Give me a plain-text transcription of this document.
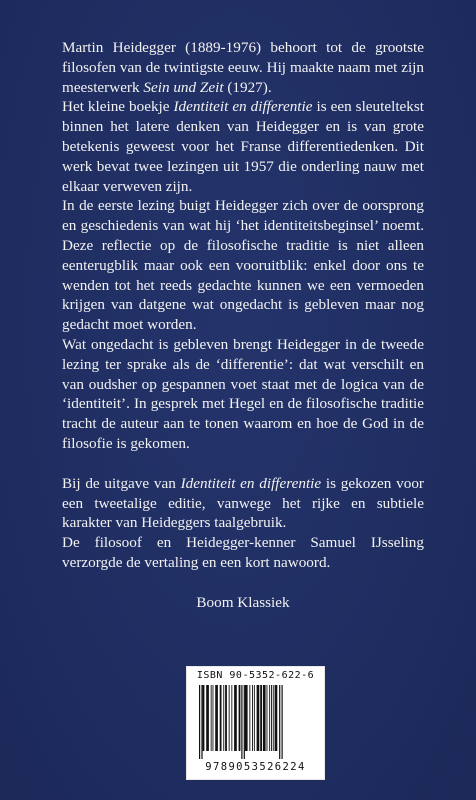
Martin Heidegger (1889-1976) behoort tot de grootste filosofen van de twintigste eeuw. Hij maakte naam met zijn meesterwerk Sein und Zeit (1927).

Het kleine boekje Identiteit en differentie is een sleuteltekst binnen het latere denken van Heidegger en is van grote betekenis geweest voor het Franse differentiedenken. Dit werk bevat twee lezingen uit 1957 die onderling nauw met elkaar verweven zijn.

In de eerste lezing buigt Heidegger zich over de oorsprong en geschiedenis van wat hij ‘het identiteitsbeginsel’ noemt. Deze reflectie op de filosofische traditie is niet alleen eenterugblik maar ook een vooruitblik: enkel door ons te wenden tot het reeds gedachte kunnen we een vermoeden krijgen van datgene wat ongedacht is gebleven maar nog gedacht moet worden.

Wat ongedacht is gebleven brengt Heidegger in de tweede lezing ter sprake als de ‘differentie’: dat wat verschilt en van oudsher op gespannen voet staat met de logica van de ‘identiteit’. In gesprek met Hegel en de filosofische traditie tracht de auteur aan te tonen waarom en hoe de God in de filosofie is gekomen.

Bij de uitgave van Identiteit en differentie is gekozen voor een tweetalige editie, vanwege het rijke en subtiele karakter van Heideggers taalgebruik.

De filosoof en Heidegger-kenner Samuel IJsseling verzorgde de vertaling en een kort nawoord.

Boom Klassiek

ISBN 90-5352-622-6
9789053526224
